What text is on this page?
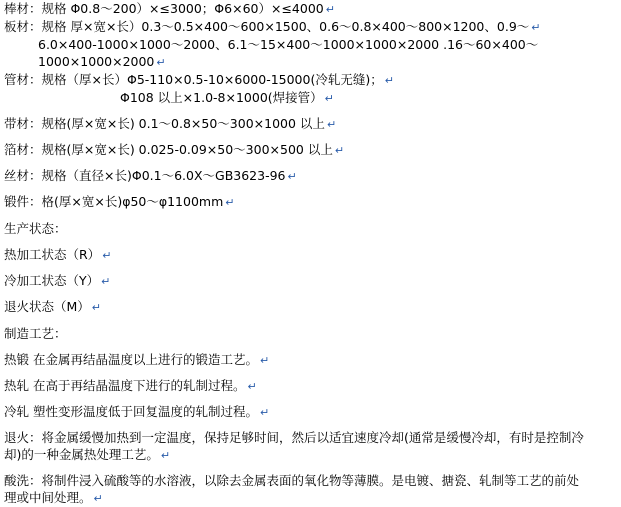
棒材：规格 Φ0.8～200）×≤3000；Φ6×60）×≤4000 ↵
板材：规格 厚×宽×长）0.3～0.5×400～600×1500、0.6～0.8×400～800×1200、0.9～ ↵
6.0×400-1000×1000～2000、6.1～15×400～1000×1000×2000 .16～60×400～1000×1000×2000 ↵
管材：规格（厚×长）Φ5-110×0.5-10×6000-15000(冷轧无缝)； ↵
Φ108 以上×1.0-8×1000(焊接管） ↵
带材：规格(厚×宽×长) 0.1～0.8×50～300×1000 以上 ↵
箔材：规格(厚×宽×长) 0.025-0.09×50～300×500 以上 ↵
丝材：规格（直径×长)Φ0.1～6.0X～GB3623-96 ↵
锻件：格(厚×宽×长)φ50～φ1100mm ↵
生产状态：
热加工状态（R） ↵
冷加工状态（Y） ↵
退火状态（M） ↵
制造工艺：
热锻 在金属再结晶温度以上进行的锻造工艺。 ↵
热轧 在高于再结晶温度下进行的轧制过程。 ↵
冷轧 塑性变形温度低于回复温度的轧制过程。 ↵
退火：将金属缓慢加热到一定温度，保持足够时间，然后以适宜速度冷却(通常是缓慢冷却，有时是控制冷
却)的一种金属热处理工艺。 ↵
酸洗：将制件浸入硫酸等的水溶液，以除去金属表面的氧化物等薄膜。是电镀、搪瓷、轧制等工艺的前处
理或中间处理。 ↵
